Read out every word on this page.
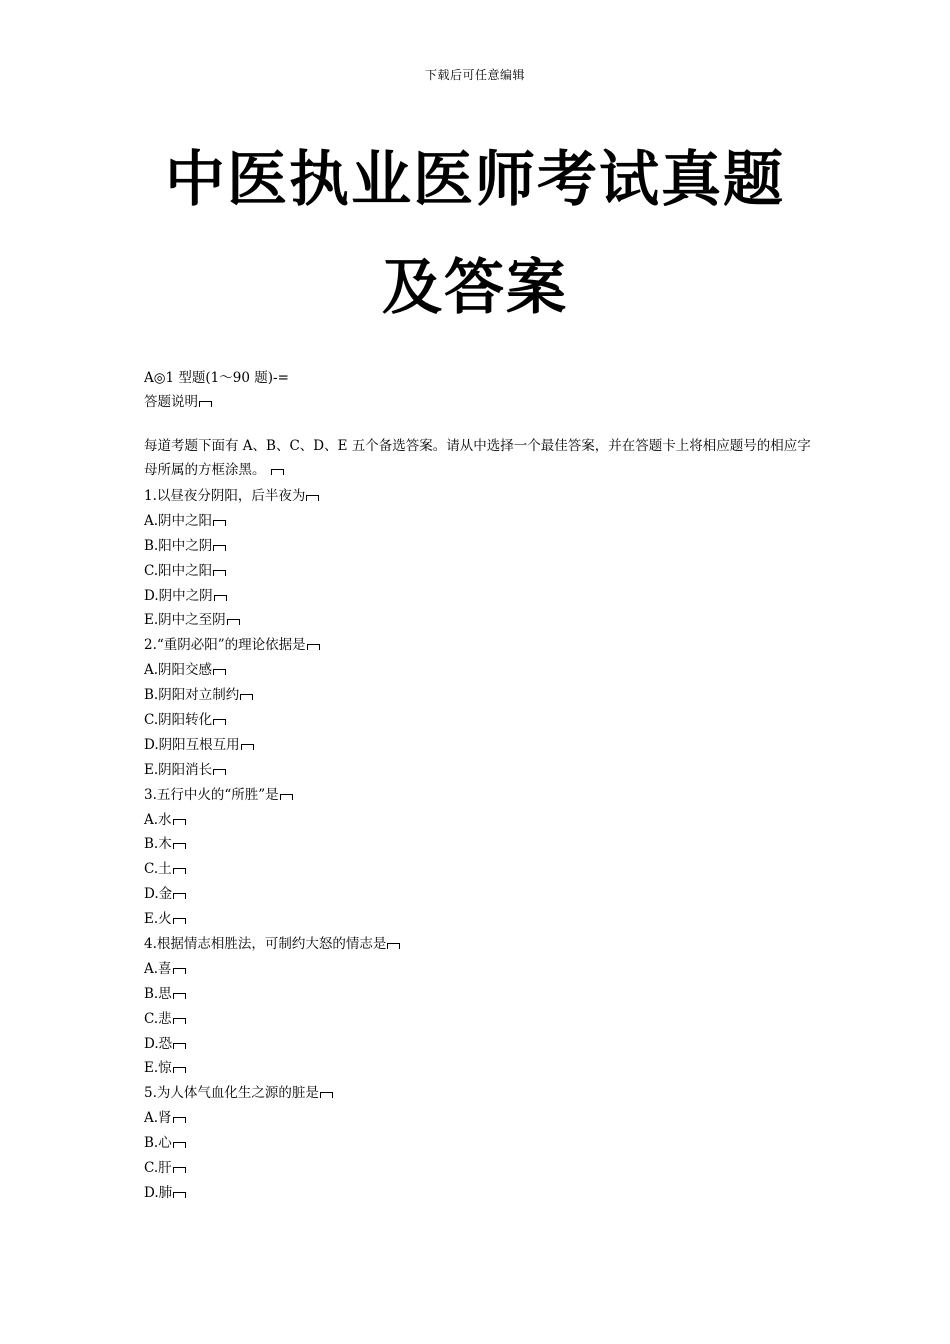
下载后可任意编辑
中医执业医师考试真题及答案
A◎1 型题(1～90 题)-=
答题说明
每道考题下面有 A、B、C、D、E 五个备选答案。请从中选择一个最佳答案，并在答题卡上将相应题号的相应字母所属的方框涂黑。
1.以昼夜分阴阳，后半夜为
A.阴中之阳
B.阳中之阴
C.阳中之阳
D.阴中之阴
E.阴中之至阴
2.“重阴必阳”的理论依据是
A.阴阳交感
B.阴阳对立制约
C.阴阳转化
D.阴阳互根互用
E.阴阳消长
3.五行中火的“所胜”是
A.水
B.木
C.土
D.金
E.火
4.根据情志相胜法，可制约大怒的情志是
A.喜
B.思
C.悲
D.恐
E.惊
5.为人体气血化生之源的脏是
A.肾
B.心
C.肝
D.肺
